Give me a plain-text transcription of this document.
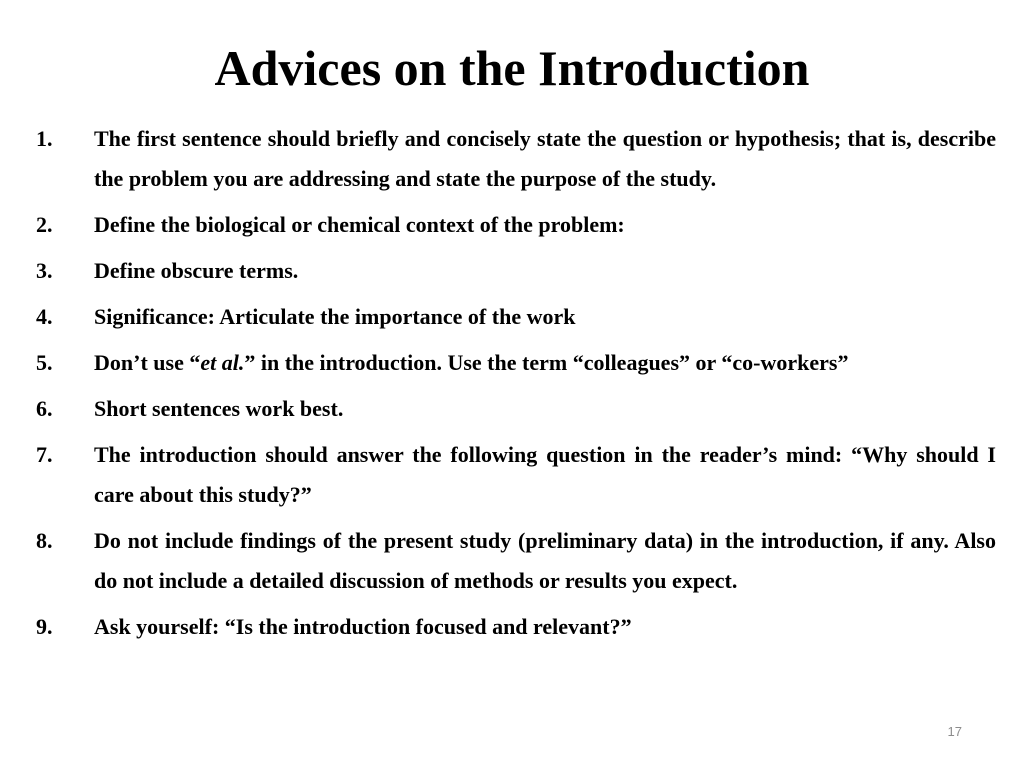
Advices on the Introduction
1.	The first sentence should briefly and concisely state the question or hypothesis; that is, describe the problem you are addressing and state the purpose of the study.
2.	Define the biological or chemical context of the problem:
3.	Define obscure terms.
4.	Significance: Articulate the importance of the work
5.	Don’t use “et al.” in the introduction. Use the term “colleagues” or “co-workers”
6.	Short sentences work best.
7.	The introduction should answer the following question in the reader’s mind: “Why should I care about this study?”
8.	Do not include findings of the present study (preliminary data) in the introduction, if any. Also do not include a detailed discussion of methods or results you expect.
9.	Ask yourself: “Is the introduction focused and relevant?”
17
